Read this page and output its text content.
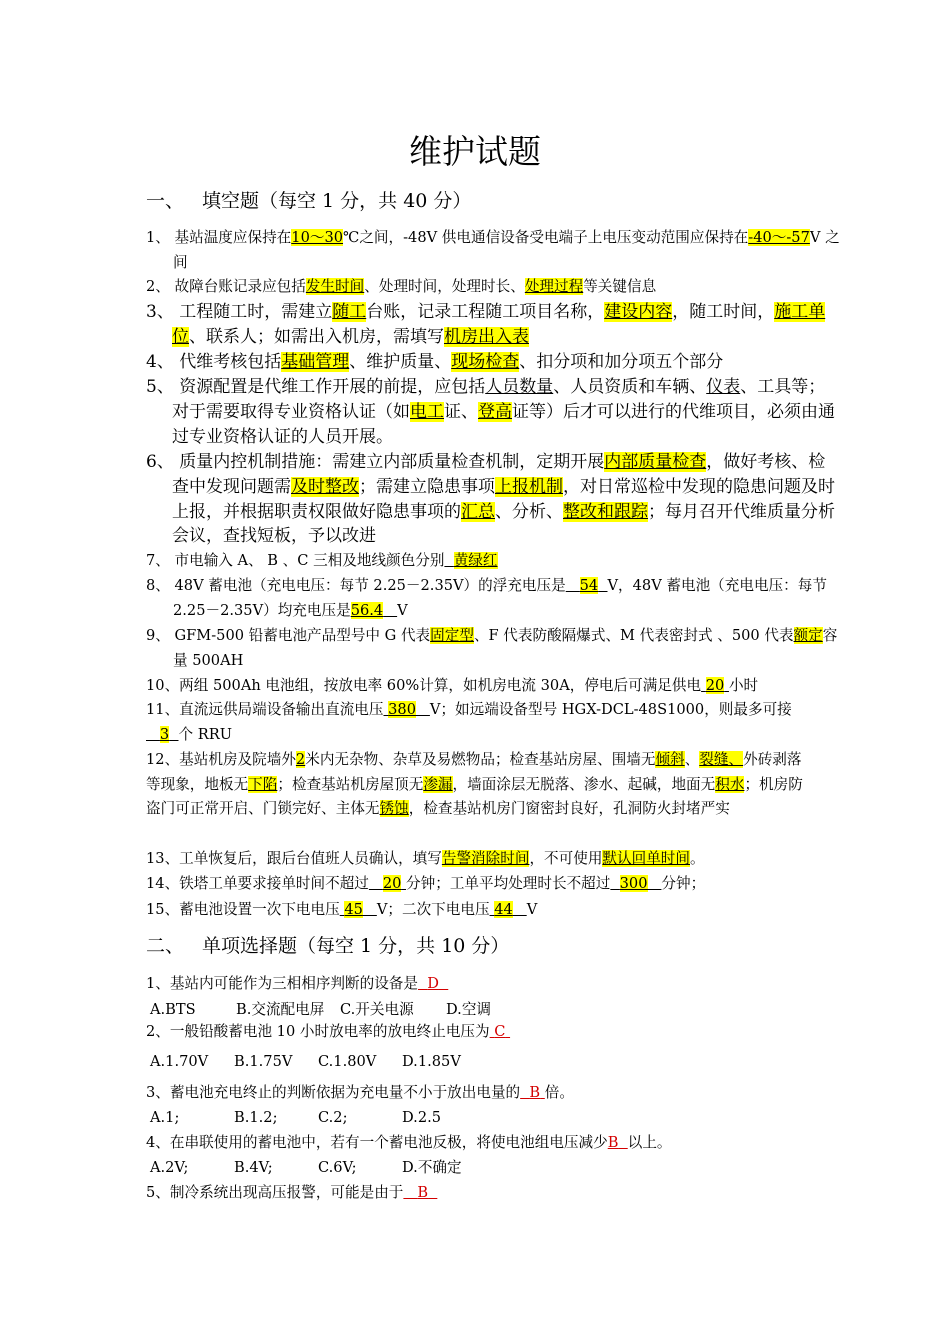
维护试题
一、 填空题（每空 1 分，共 40 分）
1、 基站温度应保持在10～30℃之间，-48V 供电通信设备受电端子上电压变动范围应保持在-40～-57V 之间
2、 故障台账记录应包括发生时间、处理时间，处理时长、处理过程等关键信息
3、 工程随工时，需建立随工台账，记录工程随工项目名称，建设内容，随工时间，施工单位、联系人；如需出入机房，需填写机房出入表
4、 代维考核包括基础管理、维护质量、现场检查、扣分项和加分项五个部分
5、 资源配置是代维工作开展的前提，应包括人员数量、人员资质和车辆、仪表、工具等；对于需要取得专业资格认证（如电工证、登高证等）后才可以进行的代维项目，必须由通过专业资格认证的人员开展。
6、 质量内控机制措施：需建立内部质量检查机制，定期开展内部质量检查，做好考核、检查中发现问题需及时整改；需建立隐患事项上报机制，对日常巡检中发现的隐患问题及时上报，并根据职责权限做好隐患事项的汇总、分析、整改和跟踪；每月召开代维质量分析会议，查找短板，予以改进
7、 市电输入 A、 B 、C 三相及地线颜色分别 黄绿红
8、 48V 蓄电池（充电电压：每节 2.25－2.35V）的浮充电压是 54 V，48V 蓄电池（充电电压：每节 2.25－2.35V）均充电压是56.4 V
9、 GFM-500 铅蓄电池产品型号中 G 代表固定型、F 代表防酸隔爆式、M 代表密封式 、500 代表额定容量 500AH
10、两组 500Ah 电池组，按放电率 60%计算，如机房电流 30A，停电后可满足供电 20 小时
11、直流远供局端设备输出直流电压 380 V；如远端设备型号 HGX-DCL-48S1000，则最多可接   3 个 RRU
12、基站机房及院墙外2米内无杂物、杂草及易燃物品；检查基站房屋、围墙无倾斜、裂缝、外砖剥落等现象，地板无下陷；检查基站机房屋顶无渗漏，墙面涂层无脱落、渗水、起碱，地面无积水；机房防盗门可正常开启、门锁完好、主体无锈蚀，检查基站机房门窗密封良好，孔洞防火封堵严实
13、工单恢复后，跟后台值班人员确认，填写告警消除时间，不可使用默认回单时间。
14、铁塔工单要求接单时间不超过 20 分钟；工单平均处理时长不超过 300 分钟；
15、蓄电池设置一次下电电压 45 V；二次下电电压 44 V
二、 单项选择题（每空 1 分，共 10 分）
1、基站内可能作为三相相序判断的设备是 D
A.BTS	B.交流配电屏 C.开关电源 D.空调
2、一般铅酸蓄电池 10 小时放电率的放电终止电压为 C
A.1.70V B.1.75V C.1.80V D.1.85V
3、蓄电池充电终止的判断依据为充电量不小于放出电量的 B 倍。
A.1;	B.1.2;	C.2;	D.2.5
4、在串联使用的蓄电池中，若有一个蓄电池反极，将使电池组电压减少B 以上。
A.2V;	B.4V;	C.6V;	D.不确定
5、制冷系统出现高压报警，可能是由于 B
